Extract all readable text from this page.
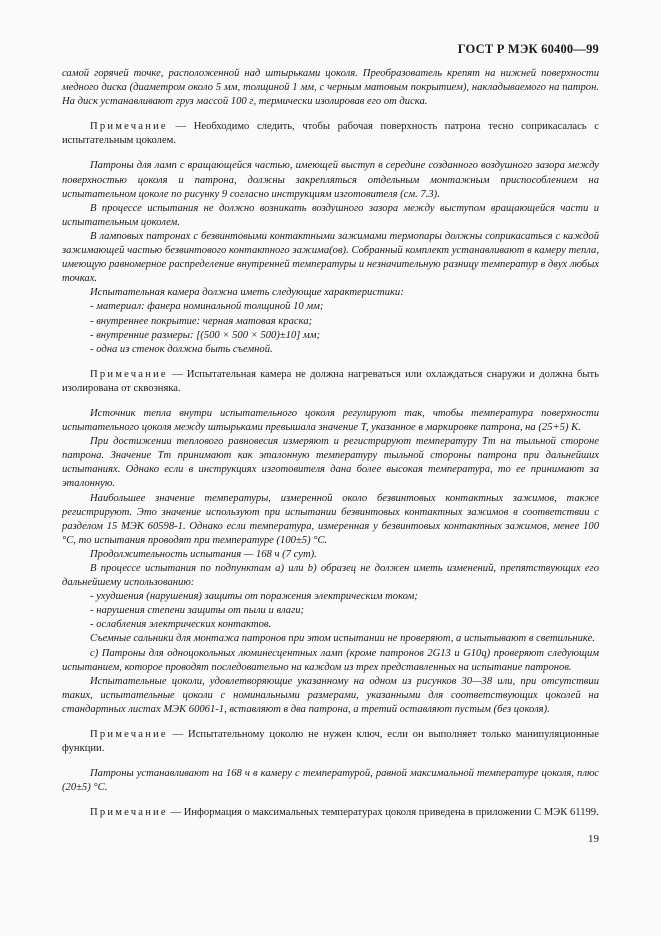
ГОСТ Р МЭК 60400—99

самой горячей точке, расположенной над штырьками цоколя. Преобразователь крепят на нижней поверхности медного диска (диаметром около 5 мм, толщиной 1 мм, с черным матовым покрытием), накладываемого на патрон. На диск устанавливают груз массой 100 г, термически изолировав его от диска.

Примечание — Необходимо следить, чтобы рабочая поверхность патрона тесно соприкасалась с испытательным цоколем.

Патроны для ламп с вращающейся частью, имеющей выступ в середине созданного воздушного зазора между поверхностью цоколя и патрона, должны закрепляться отдельным монтажным приспособлением на испытательном цоколе по рисунку 9 согласно инструкциям изготовителя (см. 7.3).

В процессе испытания не должно возникать воздушного зазора между выступом вращающейся части и испытательным цоколем.

В ламповых патронах с безвинтовыми контактными зажимами термопары должны соприкасаться с каждой зажимающей частью безвинтового контактного зажима(ов). Собранный комплект устанавливают в камеру тепла, имеющую равномерное распределение внутренней температуры и незначительную разницу температур в двух любых точках.

Испытательная камера должна иметь следующие характеристики:

- материал: фанера номинальной толщиной 10 мм;
- внутреннее покрытие: черная матовая краска;
- внутренние размеры: [(500 × 500 × 500)±10] мм;
- одна из стенок должна быть съемной.

Примечание — Испытательная камера не должна нагреваться или охлаждаться снаружи и должна быть изолирована от сквозняка.

Источник тепла внутри испытательного цоколя регулируют так, чтобы температура поверхности испытательного цоколя между штырьками превышала значение T, указанное в маркировке патрона, на (25+5) K.

При достижении теплового равновесия измеряют и регистрируют температуру Tт на тыльной стороне патрона. Значение Tт принимают как эталонную температуру тыльной стороны патрона при дальнейших испытаниях. Однако если в инструкциях изготовителя дана более высокая температура, то ее принимают за эталонную.

Наибольшее значение температуры, измеренной около безвинтовых контактных зажимов, также регистрируют. Это значение используют при испытании безвинтовых контактных зажимов в соответствии с разделом 15 МЭК 60598-1. Однако если температура, измеренная у безвинтовых контактных зажимов, менее 100 °C, то испытания проводят при температуре (100±5) °C.

Продолжительность испытания — 168 ч (7 сут).

В процессе испытания по подпунктам a) или b) образец не должен иметь изменений, препятствующих его дальнейшему использованию:

- ухудшения (нарушения) защиты от поражения электрическим током;
- нарушения степени защиты от пыли и влаги;
- ослабления электрических контактов.

Съемные сальники для монтажа патронов при этом испытании не проверяют, а испытывают в светильнике.

c) Патроны для одноцокольных люминесцентных ламп (кроме патронов 2G13 и G10q) проверяют следующим испытанием, которое проводят последовательно на каждом из трех представленных на испытание патронов.

Испытательные цоколи, удовлетворяющие указанному на одном из рисунков 30—38 или, при отсутствии таких, испытательные цоколи с номинальными размерами, указанными для соответствующих цоколей на стандартных листах МЭК 60061-1, вставляют в два патрона, а третий оставляют пустым (без цоколя).

Примечание — Испытательному цоколю не нужен ключ, если он выполняет только манипуляционные функции.

Патроны устанавливают на 168 ч в камеру с температурой, равной максимальной температуре цоколя, плюс (20±5) °C.

Примечание — Информация о максимальных температурах цоколя приведена в приложении С МЭК 61199.

19
